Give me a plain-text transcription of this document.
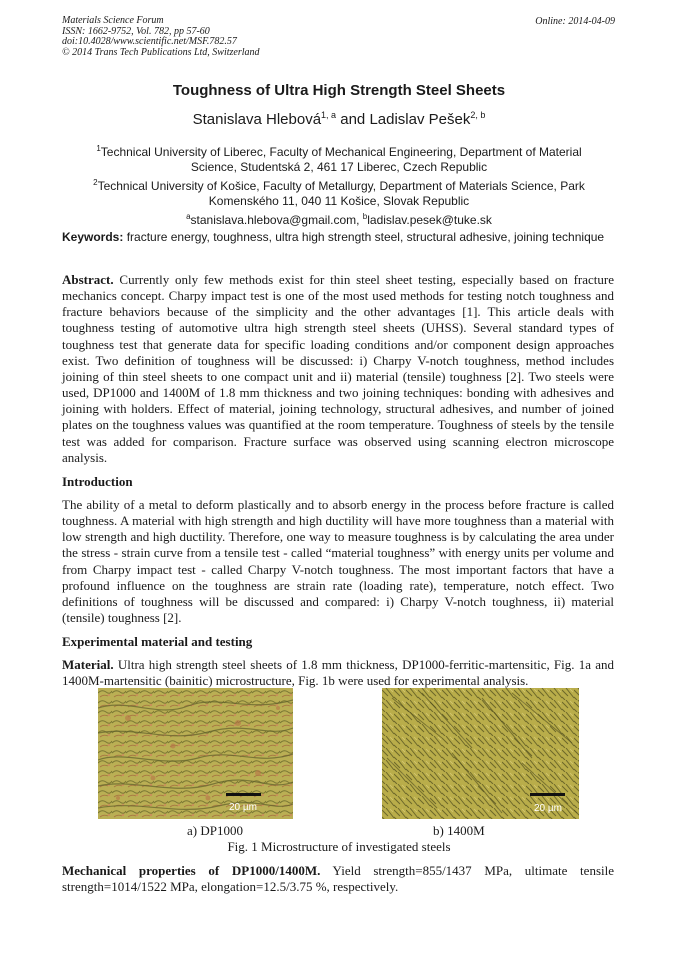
Materials Science Forum
ISSN: 1662-9752, Vol. 782, pp 57-60
doi:10.4028/www.scientific.net/MSF.782.57
© 2014 Trans Tech Publications Ltd, Switzerland
Online: 2014-04-09
Toughness of Ultra High Strength Steel Sheets
Stanislava Hlebová$^{1, a}$ and Ladislav Pešek$^{2, b}$
$^1$Technical University of Liberec, Faculty of Mechanical Engineering, Department of Material
Science, Studentská 2, 461 17 Liberec, Czech Republic
$^2$Technical University of Košice, Faculty of Metallurgy, Department of Materials Science, Park
Komenského 11, 040 11 Košice, Slovak Republic
$^a$stanislava.hlebova@gmail.com, $^b$ladislav.pesek@tuke.sk
Keywords: fracture energy, toughness, ultra high strength steel, structural adhesive, joining technique
Abstract. Currently only few methods exist for thin steel sheet testing, especially based on fracture mechanics concept. Charpy impact test is one of the most used methods for testing notch toughness and fracture behaviors because of the simplicity and the other advantages [1]. This article deals with toughness testing of automotive ultra high strength steel sheets (UHSS). Several standard types of toughness test that generate data for specific loading conditions and/or component design approaches exist. Two definition of toughness will be discussed: i) Charpy V-notch toughness, method includes joining of thin steel sheets to one compact unit and ii) material (tensile) toughness [2]. Two steels were used, DP1000 and 1400M of 1.8 mm thickness and two joining techniques: bonding with adhesives and joining with holders. Effect of material, joining technology, structural adhesives, and number of joined plates on the toughness values was quantified at the room temperature. Toughness of steels by the tensile test was added for comparison. Fracture surface was observed using scanning electron microscope analysis.
Introduction
The ability of a metal to deform plastically and to absorb energy in the process before fracture is called toughness. A material with high strength and high ductility will have more toughness than a material with low strength and high ductility. Therefore, one way to measure toughness is by calculating the area under the stress - strain curve from a tensile test - called “material toughness” with energy units per volume and from Charpy impact test - called Charpy V-notch toughness. The most important factors that have a profound influence on the toughness are strain rate (loading rate), temperature, notch effect. Two definitions of toughness will be discussed and compared: i) Charpy V-notch toughness, ii) material (tensile) toughness [2].
Experimental material and testing
Material. Ultra high strength steel sheets of 1.8 mm thickness, DP1000-ferritic-martensitic, Fig. 1a and 1400M-martensitic (bainitic) microstructure, Fig. 1b were used for experimental analysis.
20 µm	20 µm
a) DP1000	b) 1400M
Fig. 1 Microstructure of investigated steels
Mechanical properties of DP1000/1400M. Yield strength=855/1437 MPa, ultimate tensile strength=1014/1522 MPa, elongation=12.5/3.75 %, respectively.
